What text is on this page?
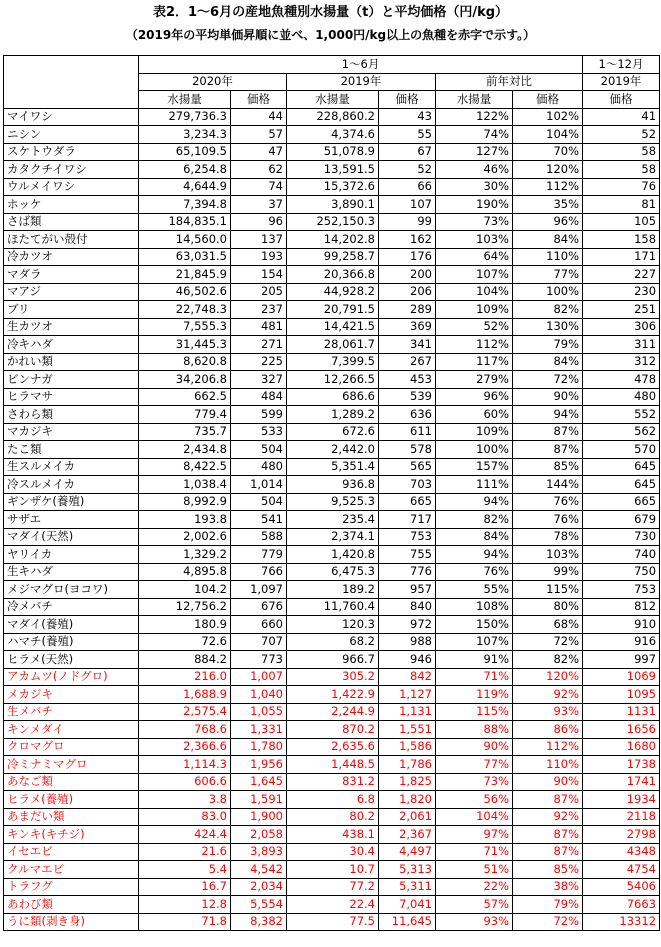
表2．1～6月の産地魚種別水揚量（t）と平均価格（円/kg）
（2019年の平均単価昇順に並べ、1,000円/kg以上の魚種を赤字で示す。）
	1～6月						1～12月
	2020年		2019年		前年対比		2019年
	水揚量	価格	水揚量	価格	水揚量	価格	価格
マイワシ	279,736.3	44	228,860.2	43	122%	102%	41
ニシン	3,234.3	57	4,374.6	55	74%	104%	52
スケトウダラ	65,109.5	47	51,078.9	67	127%	70%	58
カタクチイワシ	6,254.8	62	13,591.5	52	46%	120%	58
ウルメイワシ	4,644.9	74	15,372.6	66	30%	112%	76
ホッケ	7,394.8	37	3,890.1	107	190%	35%	81
さば類	184,835.1	96	252,150.3	99	73%	96%	105
ほたてがい殻付	14,560.0	137	14,202.8	162	103%	84%	158
冷カツオ	63,031.5	193	99,258.7	176	64%	110%	171
マダラ	21,845.9	154	20,366.8	200	107%	77%	227
マアジ	46,502.6	205	44,928.2	206	104%	100%	230
ブリ	22,748.3	237	20,791.5	289	109%	82%	251
生カツオ	7,555.3	481	14,421.5	369	52%	130%	306
冷キハダ	31,445.3	271	28,061.7	341	112%	79%	311
かれい類	8,620.8	225	7,399.5	267	117%	84%	312
ビンナガ	34,206.8	327	12,266.5	453	279%	72%	478
ヒラマサ	662.5	484	686.6	539	96%	90%	480
さわら類	779.4	599	1,289.2	636	60%	94%	552
マカジキ	735.7	533	672.6	611	109%	87%	562
たこ類	2,434.8	504	2,442.0	578	100%	87%	570
生スルメイカ	8,422.5	480	5,351.4	565	157%	85%	645
冷スルメイカ	1,038.4	1,014	936.8	703	111%	144%	645
ギンザケ(養殖)	8,992.9	504	9,525.3	665	94%	76%	665
サザエ	193.8	541	235.4	717	82%	76%	679
マダイ(天然)	2,002.6	588	2,374.1	753	84%	78%	730
ヤリイカ	1,329.2	779	1,420.8	755	94%	103%	740
生キハダ	4,895.8	766	6,475.3	776	76%	99%	750
メジマグロ(ヨコワ)	104.2	1,097	189.2	957	55%	115%	753
冷メバチ	12,756.2	676	11,760.4	840	108%	80%	812
マダイ(養殖)	180.9	660	120.3	972	150%	68%	910
ハマチ(養殖)	72.6	707	68.2	988	107%	72%	916
ヒラメ(天然)	884.2	773	966.7	946	91%	82%	997
アカムツ(ノドグロ)	216.0	1,007	305.2	842	71%	120%	1069
メカジキ	1,688.9	1,040	1,422.9	1,127	119%	92%	1095
生メバチ	2,575.4	1,055	2,244.9	1,131	115%	93%	1131
キンメダイ	768.6	1,331	870.2	1,551	88%	86%	1656
クロマグロ	2,366.6	1,780	2,635.6	1,586	90%	112%	1680
冷ミナミマグロ	1,114.3	1,956	1,448.5	1,786	77%	110%	1738
あなご類	606.6	1,645	831.2	1,825	73%	90%	1741
ヒラメ(養殖)	3.8	1,591	6.8	1,820	56%	87%	1934
あまだい類	83.0	1,900	80.2	2,061	104%	92%	2118
キンキ(キチジ)	424.4	2,058	438.1	2,367	97%	87%	2798
イセエビ	21.6	3,893	30.4	4,497	71%	87%	4348
クルマエビ	5.4	4,542	10.7	5,313	51%	85%	4754
トラフグ	16.7	2,034	77.2	5,311	22%	38%	5406
あわび類	12.8	5,554	22.4	7,041	57%	79%	7663
うに類(剥き身)	71.8	8,382	77.5	11,645	93%	72%	13312
